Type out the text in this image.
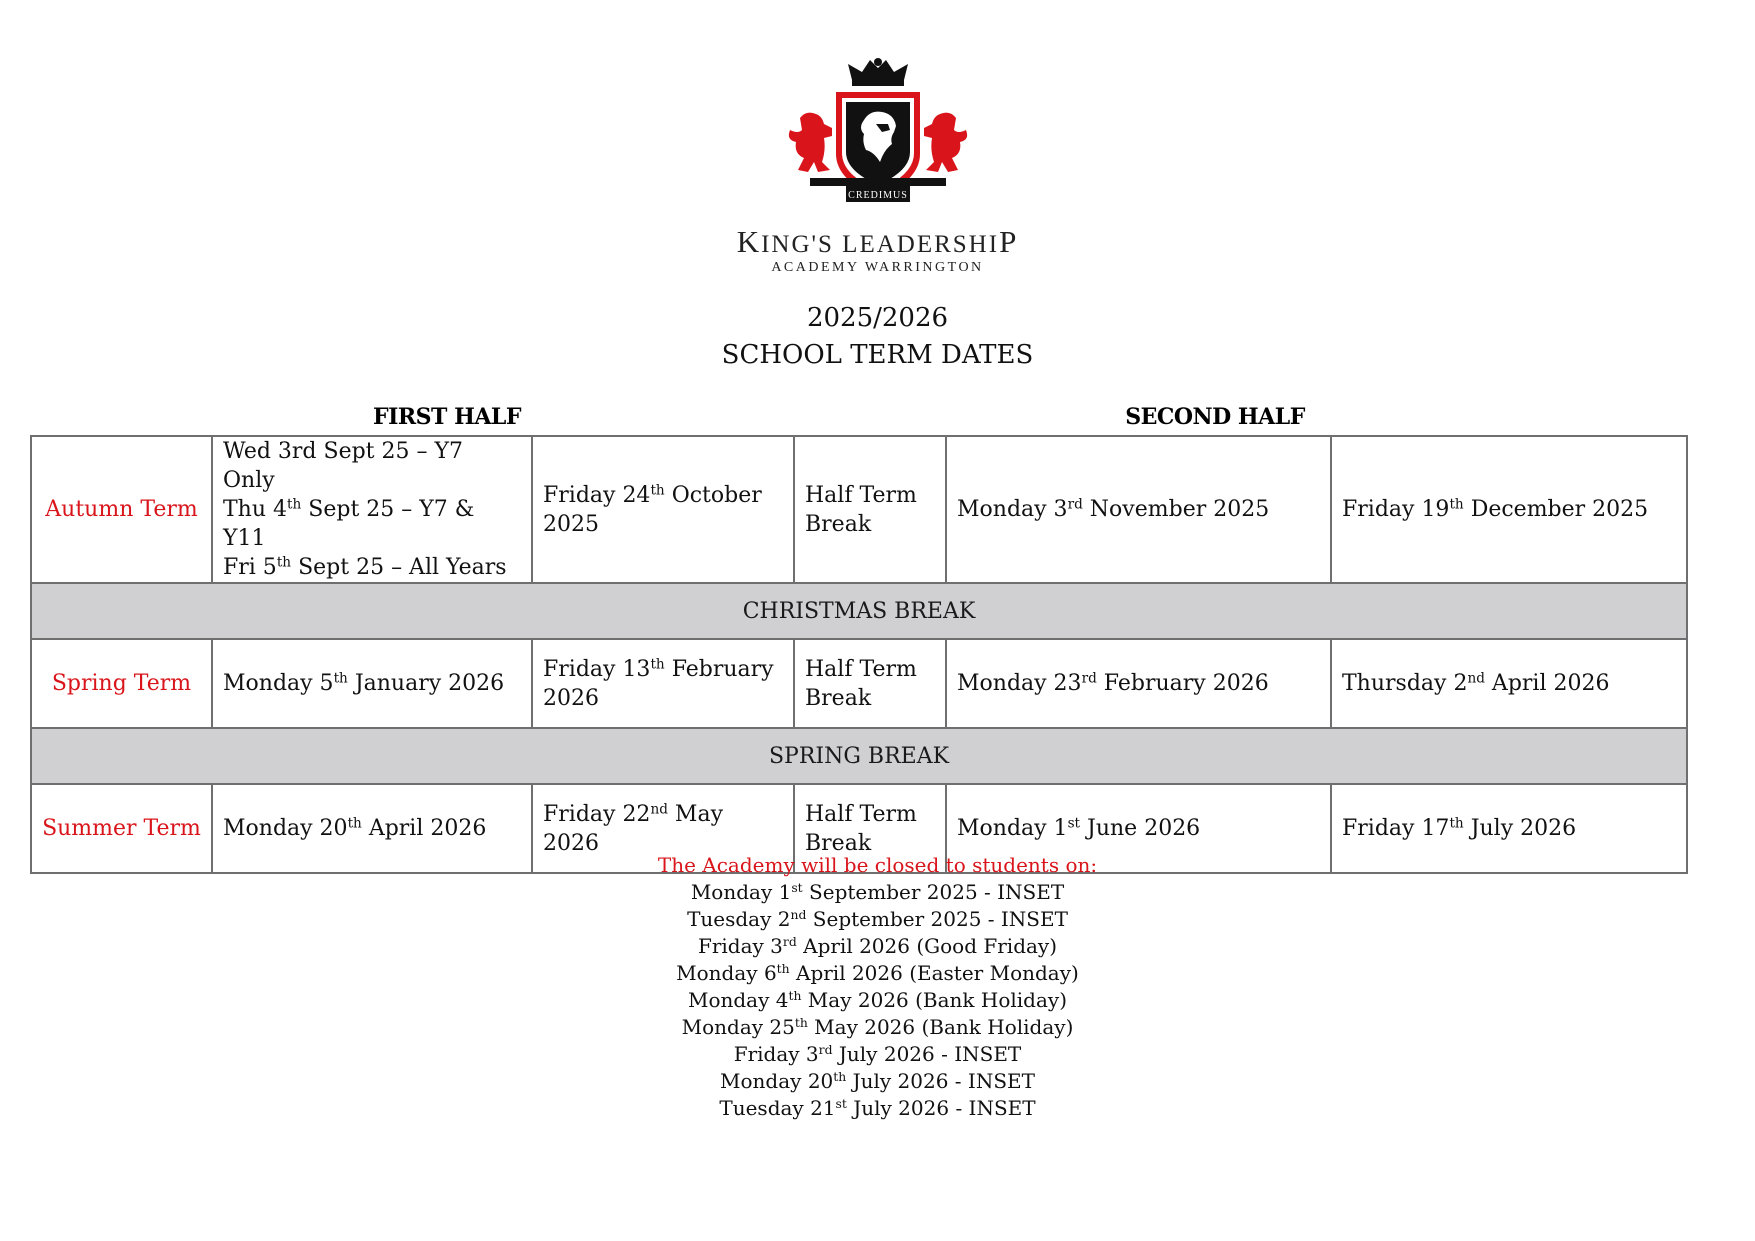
CREDIMUS
KING'S LEADERSHIP
ACADEMY WARRINGTON
2025/2026
SCHOOL TERM DATES
FIRST HALF	SECOND HALF
Autumn Term	Wed 3rd Sept 25 – Y7 Only
Thu 4th Sept 25 – Y7 & Y11
Fri 5th Sept 25 – All Years	Friday 24th October 2025	Half Term Break	Monday 3rd November 2025	Friday 19th December 2025
CHRISTMAS BREAK					
Spring Term	Monday 5th January 2026	Friday 13th February 2026	Half Term Break	Monday 23rd February 2026	Thursday 2nd April 2026
SPRING BREAK					
Summer Term	Monday 20th April 2026	Friday 22nd May 2026	Half Term Break	Monday 1st June 2026	Friday 17th July 2026
The Academy will be closed to students on:
Monday 1st September 2025 - INSET
Tuesday 2nd September 2025 - INSET
Friday 3rd April 2026 (Good Friday)
Monday 6th April 2026 (Easter Monday)
Monday 4th May 2026 (Bank Holiday)
Monday 25th May 2026 (Bank Holiday)
Friday 3rd July 2026 - INSET
Monday 20th July 2026 - INSET
Tuesday 21st July 2026 - INSET
